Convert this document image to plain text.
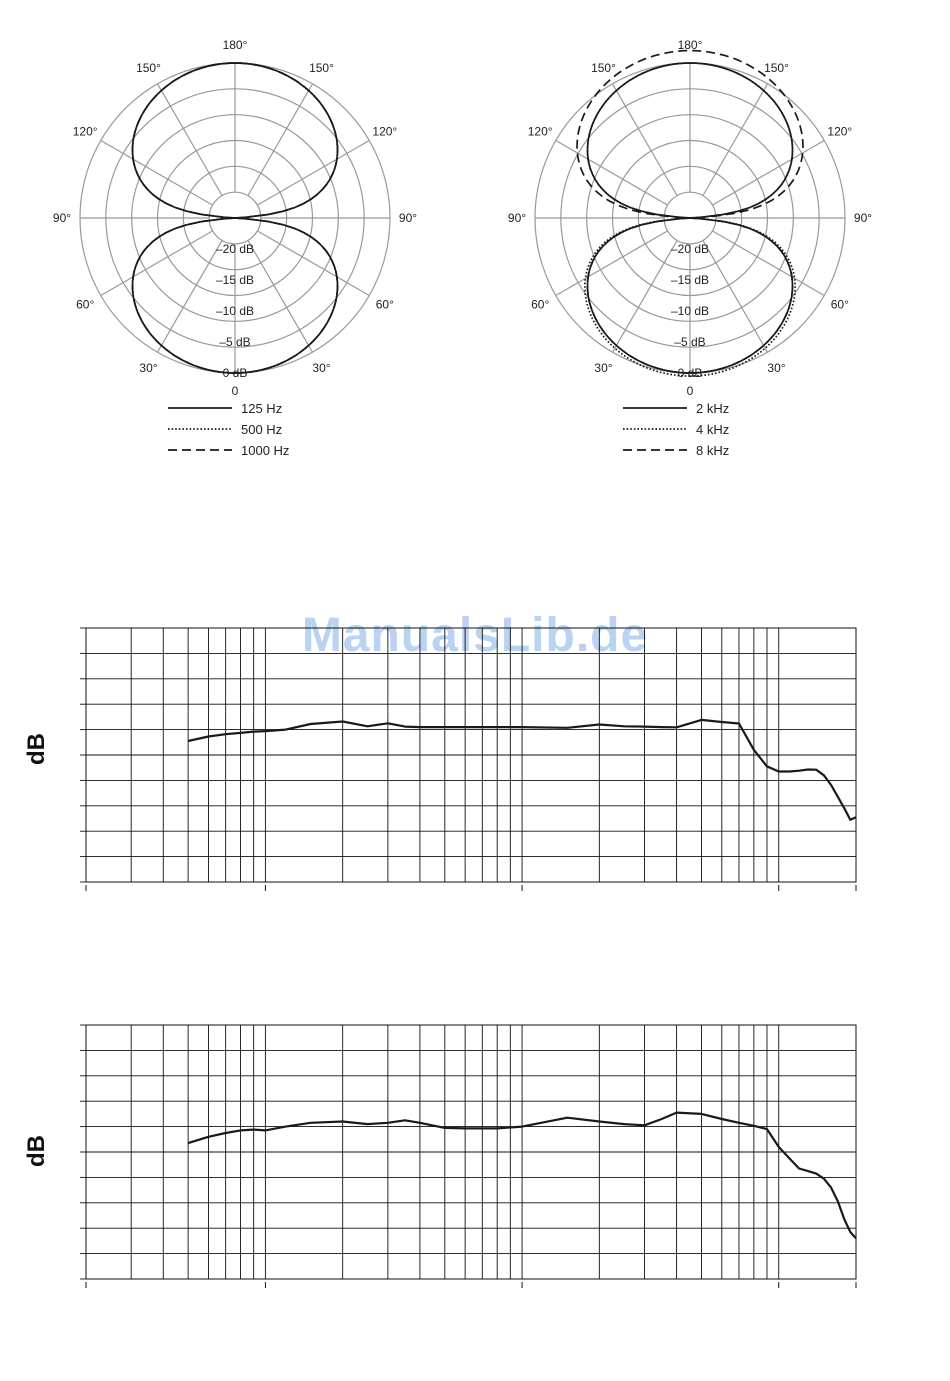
180°
150°	150°
120°	120°
90°	90°
60°	60°
30°	30°
0
–20 dB
–15 dB
–10 dB
–5 dB
0 dB
125 Hz
500 Hz
1000 Hz
180°
150°	150°
120°	120°
90°	90°
60°	60°
30°	30°
0
–20 dB
–15 dB
–10 dB
–5 dB
0 dB
2 kHz
4 kHz
8 kHz
ManualsLib.de
dB
dB
